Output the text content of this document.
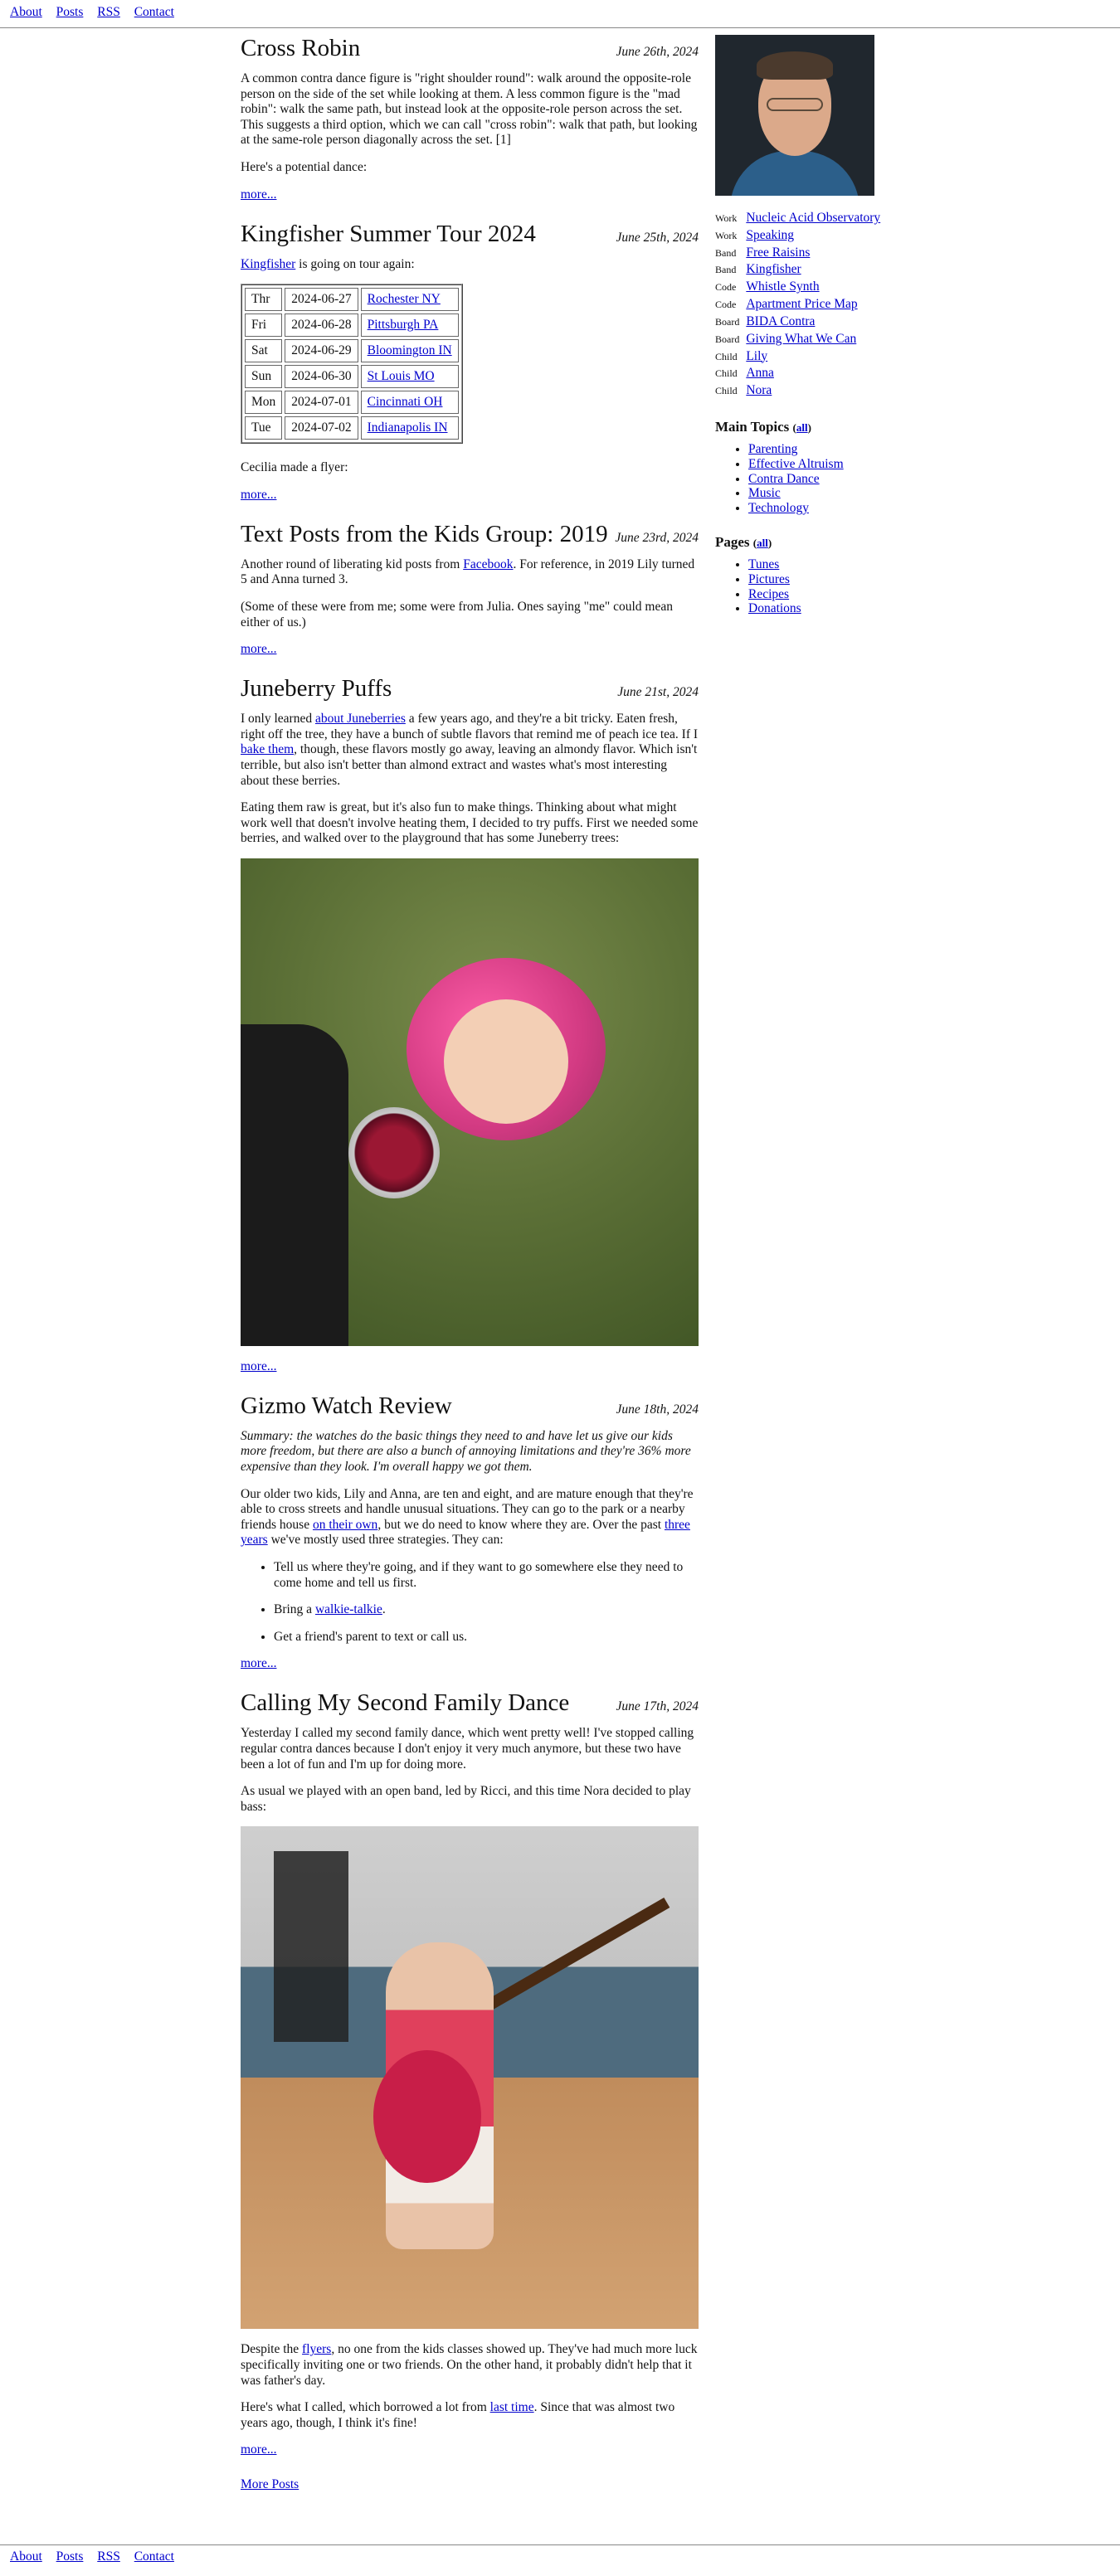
About Posts RSS Contact
Cross Robin	June 26th, 2024

A common contra dance figure is "right shoulder round": walk around the opposite-role person on the side of the set while looking at them. A less common figure is the "mad robin": walk the same path, but instead look at the opposite-role person across the set. This suggests a third option, which we can call "cross robin": walk that path, but looking at the same-role person diagonally across the set. [1]

Here's a potential dance:

more...
Kingfisher Summer Tour 2024	June 25th, 2024

Kingfisher is going on tour again:

Thr	2024-06-27	Rochester NY
Fri	2024-06-28	Pittsburgh PA
Sat	2024-06-29	Bloomington IN
Sun	2024-06-30	St Louis MO
Mon	2024-07-01	Cincinnati OH
Tue	2024-07-02	Indianapolis IN

Cecilia made a flyer:

more...
Text Posts from the Kids Group: 2019 June 23rd, 2024

Another round of liberating kid posts from Facebook. For reference, in 2019 Lily turned 5 and Anna turned 3.

(Some of these were from me; some were from Julia. Ones saying "me" could mean either of us.)

more...
Juneberry Puffs	June 21st, 2024

I only learned about Juneberries a few years ago, and they're a bit tricky. Eaten fresh, right off the tree, they have a bunch of subtle flavors that remind me of peach ice tea. If I bake them, though, these flavors mostly go away, leaving an almondy flavor. Which isn't terrible, but also isn't better than almond extract and wastes what's most interesting about these berries.

Eating them raw is great, but it's also fun to make things. Thinking about what might work well that doesn't involve heating them, I decided to try puffs. First we needed some berries, and walked over to the playground that has some Juneberry trees:

more...
Gizmo Watch Review	June 18th, 2024

Summary: the watches do the basic things they need to and have let us give our kids more freedom, but there are also a bunch of annoying limitations and they're 36% more expensive than they look. I'm overall happy we got them.

Our older two kids, Lily and Anna, are ten and eight, and are mature enough that they're able to cross streets and handle unusual situations. They can go to the park or a nearby friends house on their own, but we do need to know where they are. Over the past three years we've mostly used three strategies. They can:

• Tell us where they're going, and if they want to go somewhere else they need to come home and tell us first.
• Bring a walkie-talkie.
• Get a friend's parent to text or call us.
more...
Calling My Second Family Dance	June 17th, 2024

Yesterday I called my second family dance, which went pretty well! I've stopped calling regular contra dances because I don't enjoy it very much anymore, but these two have been a lot of fun and I'm up for doing more.

As usual we played with an open band, led by Ricci, and this time Nora decided to play bass:

Despite the flyers, no one from the kids classes showed up. They've had much more luck specifically inviting one or two friends. On the other hand, it probably didn't help that it was father's day.

Here's what I called, which borrowed a lot from last time. Since that was almost two years ago, though, I think it's fine!

more...
More Posts
Work	Nucleic Acid Observatory
Work	Speaking
Band	Free Raisins
Band	Kingfisher
Code	Whistle Synth
Code	Apartment Price Map
Board	BIDA Contra
Board	Giving What We Can
Child	Lily
Child	Anna
Child	Nora
Main Topics (all)
• Parenting
• Effective Altruism
• Contra Dance
• Music
• Technology
Pages (all)
• Tunes
• Pictures
• Recipes
• Donations
About Posts RSS Contact
